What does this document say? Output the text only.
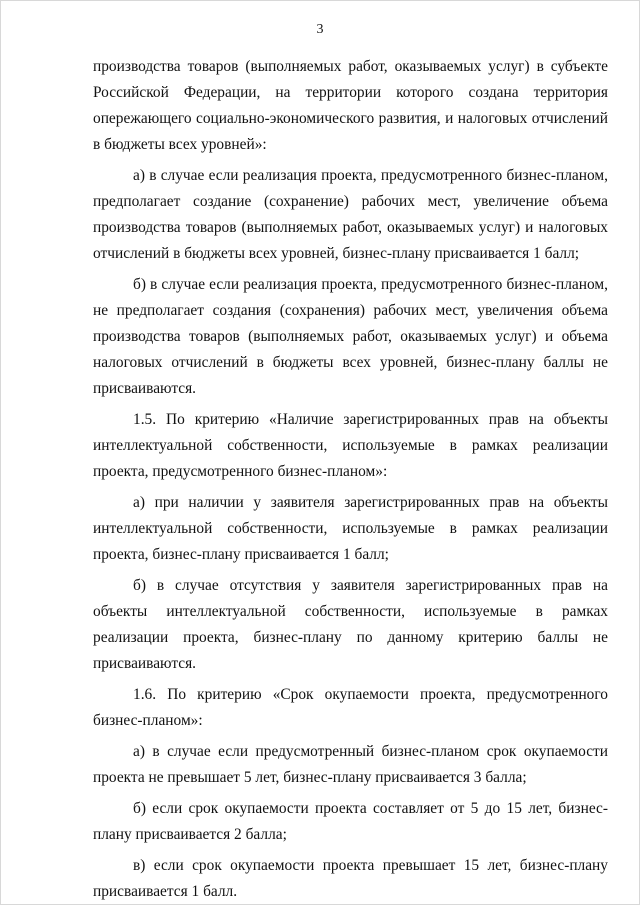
3

производства товаров (выполняемых работ, оказываемых услуг) в субъекте Российской Федерации, на территории которого создана территория опережающего социально-экономического развития, и налоговых отчислений в бюджеты всех уровней»:

а) в случае если реализация проекта, предусмотренного бизнес-планом, предполагает создание (сохранение) рабочих мест, увеличение объема производства товаров (выполняемых работ, оказываемых услуг) и налоговых отчислений в бюджеты всех уровней, бизнес-плану присваивается 1 балл;

б) в случае если реализация проекта, предусмотренного бизнес-планом, не предполагает создания (сохранения) рабочих мест, увеличения объема производства товаров (выполняемых работ, оказываемых услуг) и объема налоговых отчислений в бюджеты всех уровней, бизнес-плану баллы не присваиваются.

1.5. По критерию «Наличие зарегистрированных прав на объекты интеллектуальной собственности, используемые в рамках реализации проекта, предусмотренного бизнес-планом»:

а) при наличии у заявителя зарегистрированных прав на объекты интеллектуальной собственности, используемые в рамках реализации проекта, бизнес-плану присваивается 1 балл;

б) в случае отсутствия у заявителя зарегистрированных прав на объекты интеллектуальной собственности, используемые в рамках реализации проекта, бизнес-плану по данному критерию баллы не присваиваются.

1.6. По критерию «Срок окупаемости проекта, предусмотренного бизнес-планом»:

а) в случае если предусмотренный бизнес-планом срок окупаемости проекта не превышает 5 лет, бизнес-плану присваивается 3 балла;

б) если срок окупаемости проекта составляет от 5 до 15 лет, бизнес-плану присваивается 2 балла;

в) если срок окупаемости проекта превышает 15 лет, бизнес-плану присваивается 1 балл.
